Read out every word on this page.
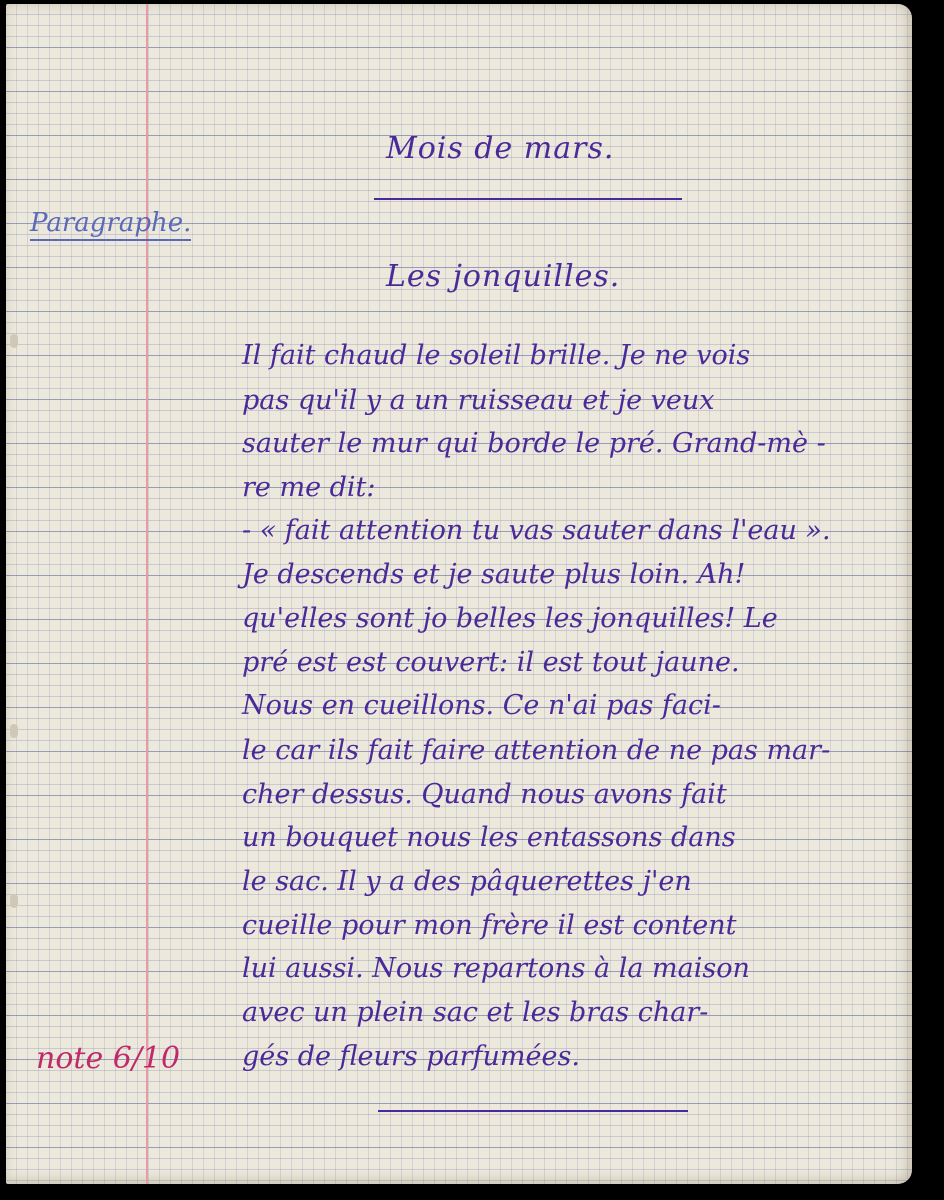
Paragraphe.

Mois de mars.

Les jonquilles.

Il fait chaud le soleil brille. Je ne vois

pas qu'il y a un ruisseau et je veux

sauter le mur qui borde le pré. Grand-mè -

re me dit:

- « fait attention tu vas sauter dans l'eau ».

Je descends et je saute plus loin. Ah!

qu'elles sont jo belles les jonquilles! Le

pré est est couvert: il est tout jaune.

Nous en cueillons. Ce n'ai pas faci-

le car ils fait faire attention de ne pas mar-

cher dessus. Quand nous avons fait

un bouquet nous les entassons dans

le sac. Il y a des pâquerettes j'en

cueille pour mon frère il est content

lui aussi. Nous repartons à la maison

avec un plein sac et les bras char-

gés de fleurs parfumées.

note 6/10
